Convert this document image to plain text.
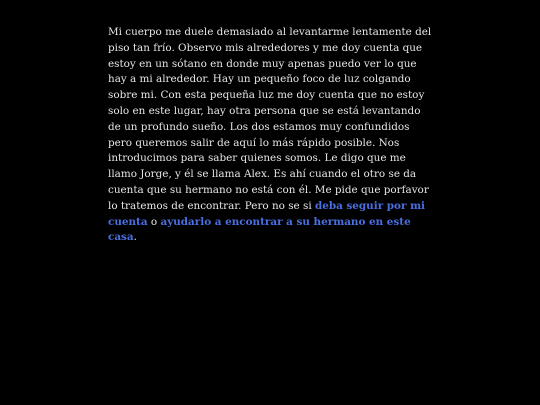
Mi cuerpo me duele demasiado al levantarme lentamente del piso tan frío. Observo mis alrededores y me doy cuenta que estoy en un sótano en donde muy apenas puedo ver lo que hay a mi alrededor. Hay un pequeño foco de luz colgando sobre mi. Con esta pequeña luz me doy cuenta que no estoy solo en este lugar, hay otra persona que se está levantando de un profundo sueño. Los dos estamos muy confundidos pero queremos salir de aquí lo más rápido posible. Nos introducimos para saber quienes somos. Le digo que me llamo Jorge, y él se llama Alex. Es ahí cuando el otro se da cuenta que su hermano no está con él. Me pide que porfavor lo tratemos de encontrar. Pero no se si deba seguir por mi cuenta o ayudarlo a encontrar a su hermano en este casa.
